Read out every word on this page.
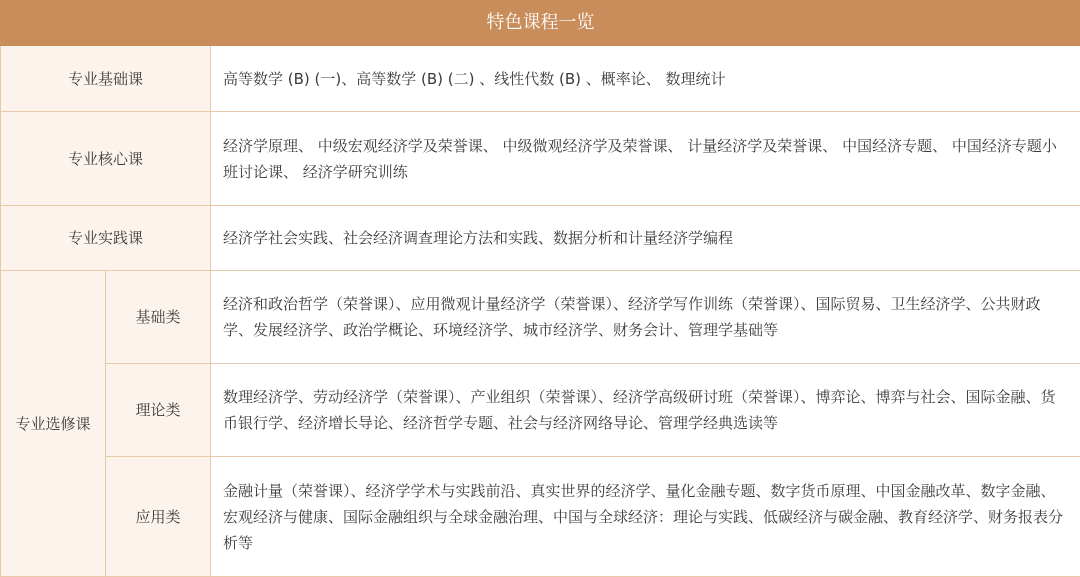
特色课程一览		
专业基础课		高等数学 (B) (一)、高等数学 (B) (二) 、线性代数 (B) 、概率论、 数理统计
专业核心课		经济学原理、 中级宏观经济学及荣誉课、 中级微观经济学及荣誉课、 计量经济学及荣誉课、 中国经济专题、 中国经济专题小班讨论课、 经济学研究训练
专业实践课		经济学社会实践、社会经济调查理论方法和实践、数据分析和计量经济学编程
专业选修课	基础类	经济和政治哲学（荣誉课）、应用微观计量经济学（荣誉课）、经济学写作训练（荣誉课）、国际贸易、卫生经济学、公共财政学、发展经济学、政治学概论、环境经济学、城市经济学、财务会计、管理学基础等
	理论类	数理经济学、劳动经济学（荣誉课）、产业组织（荣誉课）、经济学高级研讨班（荣誉课）、博弈论、博弈与社会、国际金融、货币银行学、经济增长导论、经济哲学专题、社会与经济网络导论、管理学经典选读等
	应用类	金融计量（荣誉课）、经济学学术与实践前沿、真实世界的经济学、量化金融专题、数字货币原理、中国金融改革、数字金融、宏观经济与健康、国际金融组织与全球金融治理、中国与全球经济：理论与实践、低碳经济与碳金融、教育经济学、财务报表分析等
